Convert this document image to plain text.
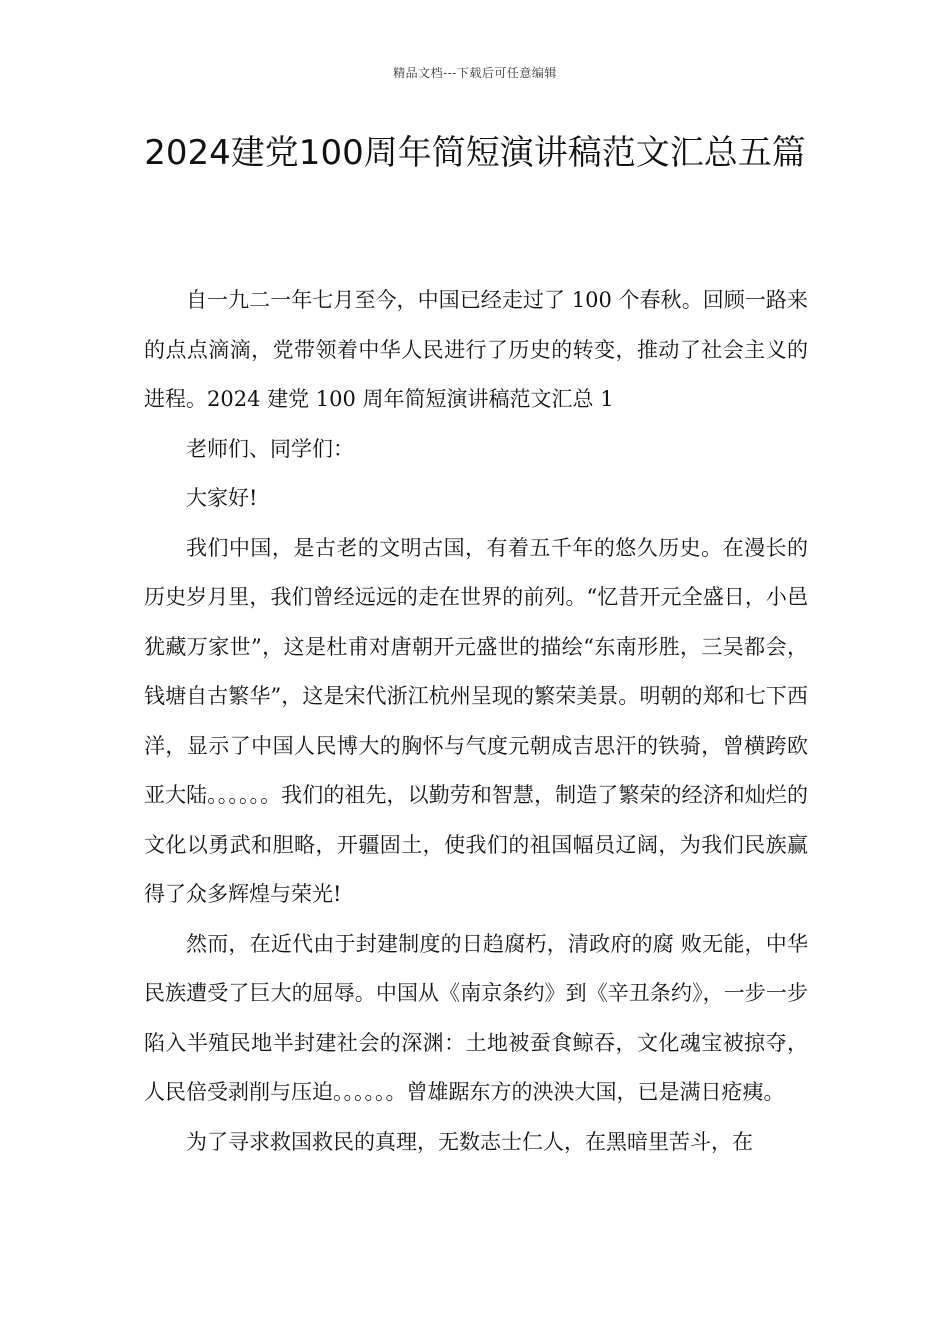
精品文档---下载后可任意编辑
2024建党100周年简短演讲稿范文汇总五篇

自一九二一年七月至今，中国已经走过了 100 个春秋。回顾一路来的点点滴滴，党带领着中华人民进行了历史的转变，推动了社会主义的进程。2024 建党 100 周年简短演讲稿范文汇总 1

老师们、同学们：

大家好!

我们中国，是古老的文明古国，有着五千年的悠久历史。在漫长的历史岁月里，我们曾经远远的走在世界的前列。“忆昔开元全盛日，小邑犹藏万家世”，这是杜甫对唐朝开元盛世的描绘“东南形胜，三吴都会，钱塘自古繁华”，这是宋代浙江杭州呈现的繁荣美景。明朝的郑和七下西洋，显示了中国人民博大的胸怀与气度元朝成吉思汗的铁骑，曾横跨欧亚大陆。。。。。。我们的祖先，以勤劳和智慧，制造了繁荣的经济和灿烂的文化以勇武和胆略，开疆固土，使我们的祖国幅员辽阔，为我们民族赢得了众多辉煌与荣光!

然而，在近代由于封建制度的日趋腐朽，清政府的腐 败无能，中华民族遭受了巨大的屈辱。中国从《南京条约》到《辛丑条约》，一步一步陷入半殖民地半封建社会的深渊：土地被蚕食鲸吞，文化魂宝被掠夺，人民倍受剥削与压迫。。。。。。曾雄踞东方的泱泱大国，已是满日疮痍。

为了寻求救国救民的真理，无数志士仁人，在黑暗里苦斗，在
